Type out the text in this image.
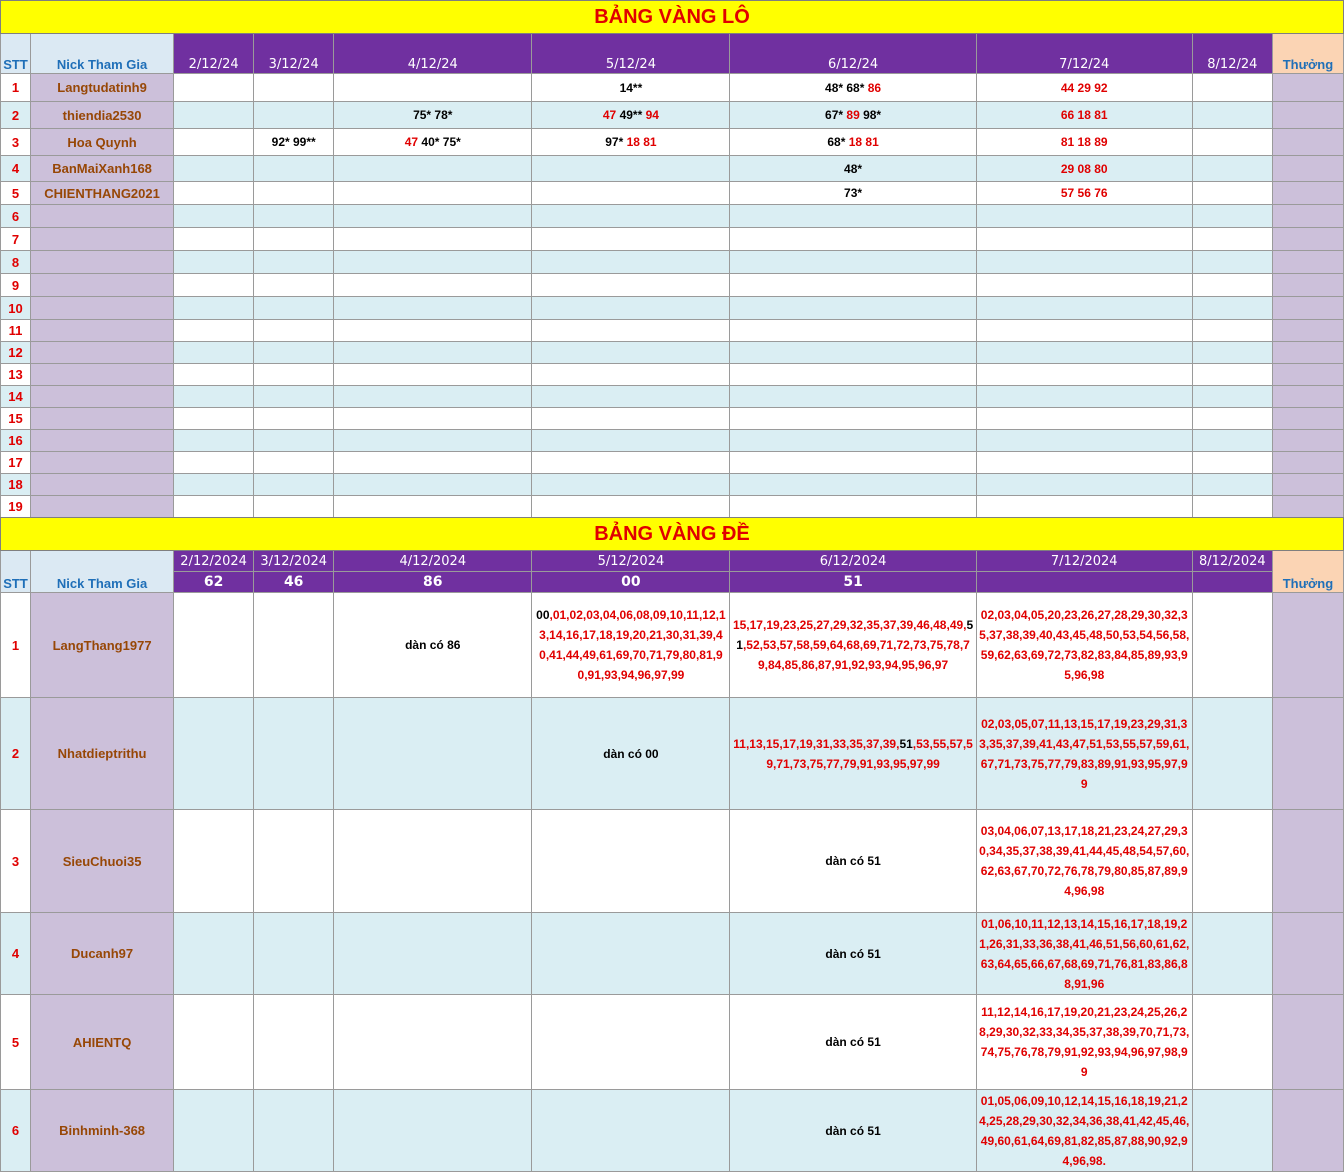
BẢNG VÀNG LÔ									
STT	Nick Tham Gia	2/12/24	3/12/24	4/12/24	5/12/24	6/12/24	7/12/24	8/12/24	Thưởng
1	Langtudatinh9				14**	48* 68* 86	44 29 92		
2	thiendia2530			75* 78*	47 49** 94	67* 89 98*	66 18 81		
3	Hoa Quynh		92* 99**	47 40* 75*	97* 18 81	68* 18 81	81 18 89		
4	BanMaiXanh168					48*	29 08 80		
5	CHIENTHANG2021					73*	57 56 76		
6									
7									
8									
9									
10									
11									
12									
13									
14									
15									
16									
17									
18									
19									
BẢNG VÀNG ĐỀ									
STT	Nick Tham Gia	2/12/2024	3/12/2024	4/12/2024	5/12/2024	6/12/2024	7/12/2024	8/12/2024	Thưởng
		62	46	86	00	51			
1	LangThang1977			dàn có 86	00,01,02,03,04,06,08,09,10,11,12,13,14,16,17,18,19,20,21,30,31,39,40,41,44,49,61,69,70,71,79,80,81,90,91,93,94,96,97,99	15,17,19,23,25,27,29,32,35,37,39,46,48,49,51,52,53,57,58,59,64,68,69,71,72,73,75,78,79,84,85,86,87,91,92,93,94,95,96,97	02,03,04,05,20,23,26,27,28,29,30,32,35,37,38,39,40,43,45,48,50,53,54,56,58,59,62,63,69,72,73,82,83,84,85,89,93,95,96,98		
2	Nhatdieptrithu				dàn có 00	11,13,15,17,19,31,33,35,37,39,51,53,55,57,59,71,73,75,77,79,91,93,95,97,99	02,03,05,07,11,13,15,17,19,23,29,31,33,35,37,39,41,43,47,51,53,55,57,59,61,67,71,73,75,77,79,83,89,91,93,95,97,99		
3	SieuChuoi35					dàn có 51	03,04,06,07,13,17,18,21,23,24,27,29,30,34,35,37,38,39,41,44,45,48,54,57,60,62,63,67,70,72,76,78,79,80,85,87,89,94,96,98		
4	Ducanh97					dàn có 51	01,06,10,11,12,13,14,15,16,17,18,19,21,26,31,33,36,38,41,46,51,56,60,61,62,63,64,65,66,67,68,69,71,76,81,83,86,88,91,96		
5	AHIENTQ					dàn có 51	11,12,14,16,17,19,20,21,23,24,25,26,28,29,30,32,33,34,35,37,38,39,70,71,73,74,75,76,78,79,91,92,93,94,96,97,98,99		
6	Binhminh-368					dàn có 51	01,05,06,09,10,12,14,15,16,18,19,21,24,25,28,29,30,32,34,36,38,41,42,45,46,49,60,61,64,69,81,82,85,87,88,90,92,94,96,98.		
